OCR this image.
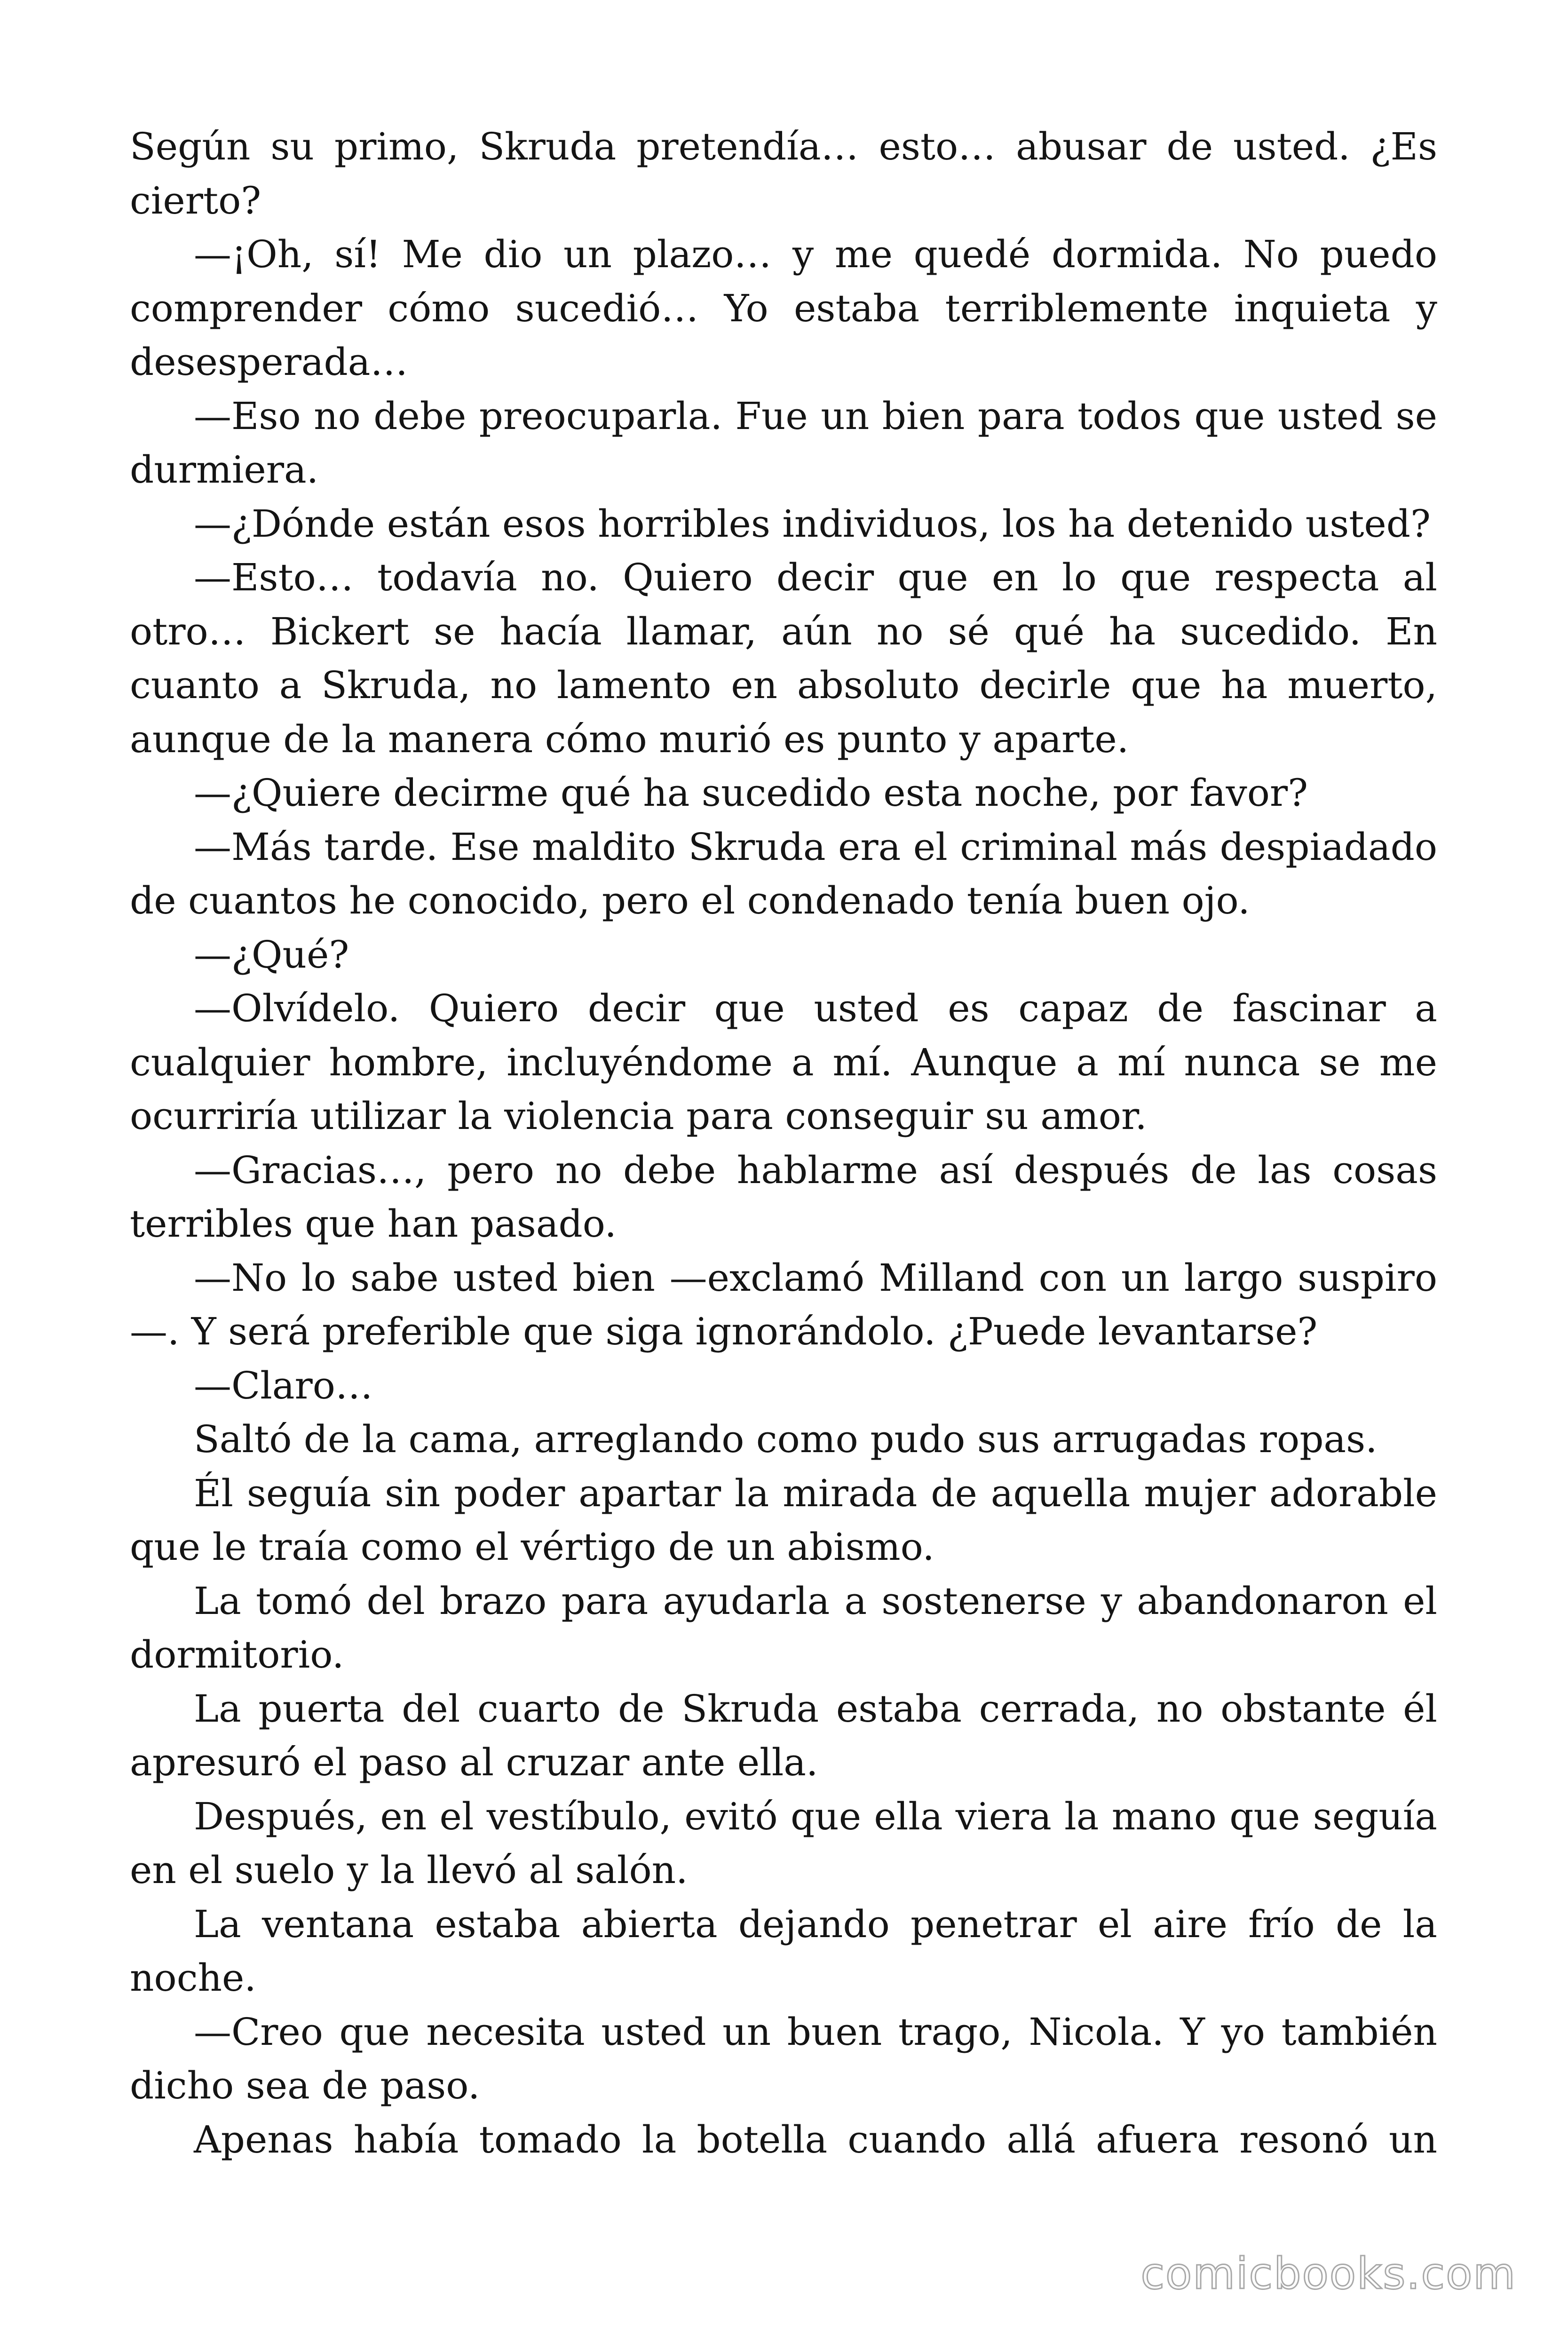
Según su primo, Skruda pretendía… esto… abusar de usted. ¿Es cierto?

—¡Oh, sí! Me dio un plazo… y me quedé dormida. No puedo comprender cómo sucedió… Yo estaba terriblemente inquieta y desesperada…

—Eso no debe preocuparla. Fue un bien para todos que usted se durmiera.

—¿Dónde están esos horribles individuos, los ha detenido usted?

—Esto… todavía no. Quiero decir que en lo que respecta al otro… Bickert se hacía llamar, aún no sé qué ha sucedido. En cuanto a Skruda, no lamento en absoluto decirle que ha muerto, aunque de la manera cómo murió es punto y aparte.

—¿Quiere decirme qué ha sucedido esta noche, por favor?

—Más tarde. Ese maldito Skruda era el criminal más despiadado de cuantos he conocido, pero el condenado tenía buen ojo.

—¿Qué?

—Olvídelo. Quiero decir que usted es capaz de fascinar a cualquier hombre, incluyéndome a mí. Aunque a mí nunca se me ocurriría utilizar la violencia para conseguir su amor.

—Gracias…, pero no debe hablarme así después de las cosas terribles que han pasado.

—No lo sabe usted bien —exclamó Milland con un largo suspiro —. Y será preferible que siga ignorándolo. ¿Puede levantarse?

—Claro…

Saltó de la cama, arreglando como pudo sus arrugadas ropas.

Él seguía sin poder apartar la mirada de aquella mujer adorable que le traía como el vértigo de un abismo.

La tomó del brazo para ayudarla a sostenerse y abandonaron el dormitorio.

La puerta del cuarto de Skruda estaba cerrada, no obstante él apresuró el paso al cruzar ante ella.

Después, en el vestíbulo, evitó que ella viera la mano que seguía en el suelo y la llevó al salón.

La ventana estaba abierta dejando penetrar el aire frío de la noche.

—Creo que necesita usted un buen trago, Nicola. Y yo también dicho sea de paso.

Apenas había tomado la botella cuando allá afuera resonó un

comicbooks.com
